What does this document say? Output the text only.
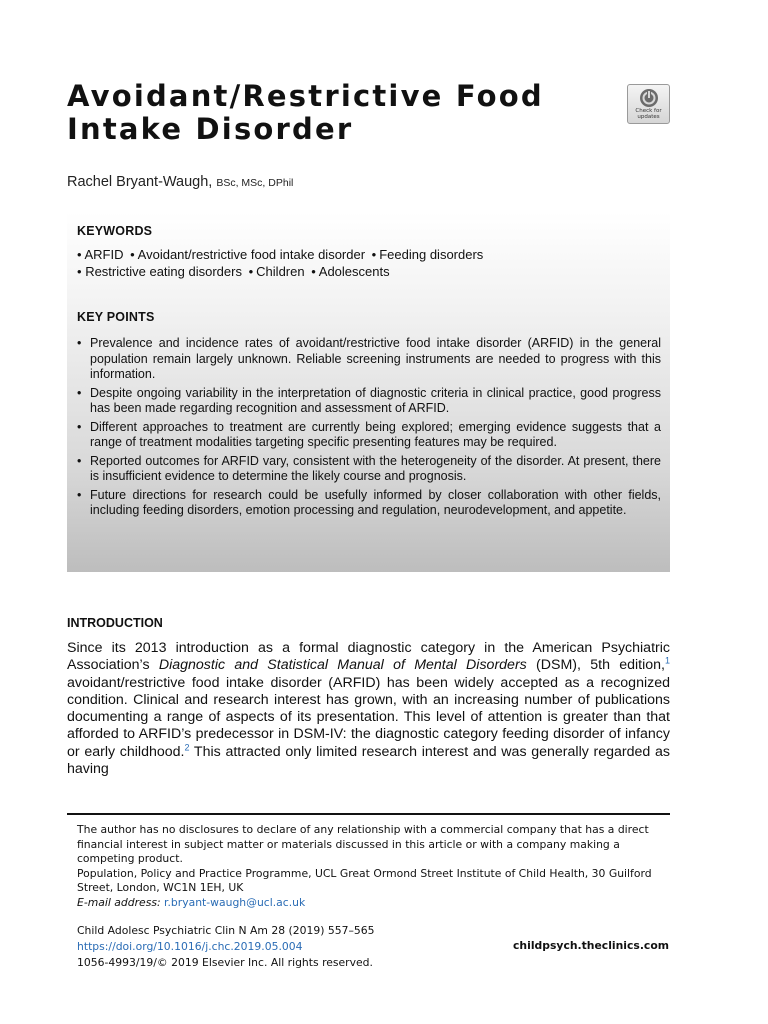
Avoidant/Restrictive Food
Intake Disorder
Check for
updates
Rachel Bryant-Waugh, BSc, MSc, DPhil
KEYWORDS
• ARFID • Avoidant/restrictive food intake disorder • Feeding disorders
• Restrictive eating disorders • Children • Adolescents
KEY POINTS
• Prevalence and incidence rates of avoidant/restrictive food intake disorder (ARFID) in the general population remain largely unknown. Reliable screening instruments are needed to progress with this information.
• Despite ongoing variability in the interpretation of diagnostic criteria in clinical practice, good progress has been made regarding recognition and assessment of ARFID.
• Different approaches to treatment are currently being explored; emerging evidence suggests that a range of treatment modalities targeting specific presenting features may be required.
• Reported outcomes for ARFID vary, consistent with the heterogeneity of the disorder. At present, there is insufficient evidence to determine the likely course and prognosis.
• Future directions for research could be usefully informed by closer collaboration with other fields, including feeding disorders, emotion processing and regulation, neurodevelopment, and appetite.
INTRODUCTION

Since its 2013 introduction as a formal diagnostic category in the American Psychiatric Association’s Diagnostic and Statistical Manual of Mental Disorders (DSM), 5th edition,$^1$ avoidant/restrictive food intake disorder (ARFID) has been widely accepted as a recognized condition. Clinical and research interest has grown, with an increasing number of publications documenting a range of aspects of its presentation. This level of attention is greater than that afforded to ARFID’s predecessor in DSM-IV: the diagnostic category feeding disorder of infancy or early childhood.$^2$ This attracted only limited research interest and was generally regarded as having

The author has no disclosures to declare of any relationship with a commercial company that has a direct financial interest in subject matter or materials discussed in this article or with a company making a competing product.
Population, Policy and Practice Programme, UCL Great Ormond Street Institute of Child Health, 30 Guilford Street, London, WC1N 1EH, UK
E-mail address: r.bryant-waugh@ucl.ac.uk
Child Adolesc Psychiatric Clin N Am 28 (2019) 557–565
https://doi.org/10.1016/j.chc.2019.05.004
1056-4993/19/© 2019 Elsevier Inc. All rights reserved.
childpsych.theclinics.com
